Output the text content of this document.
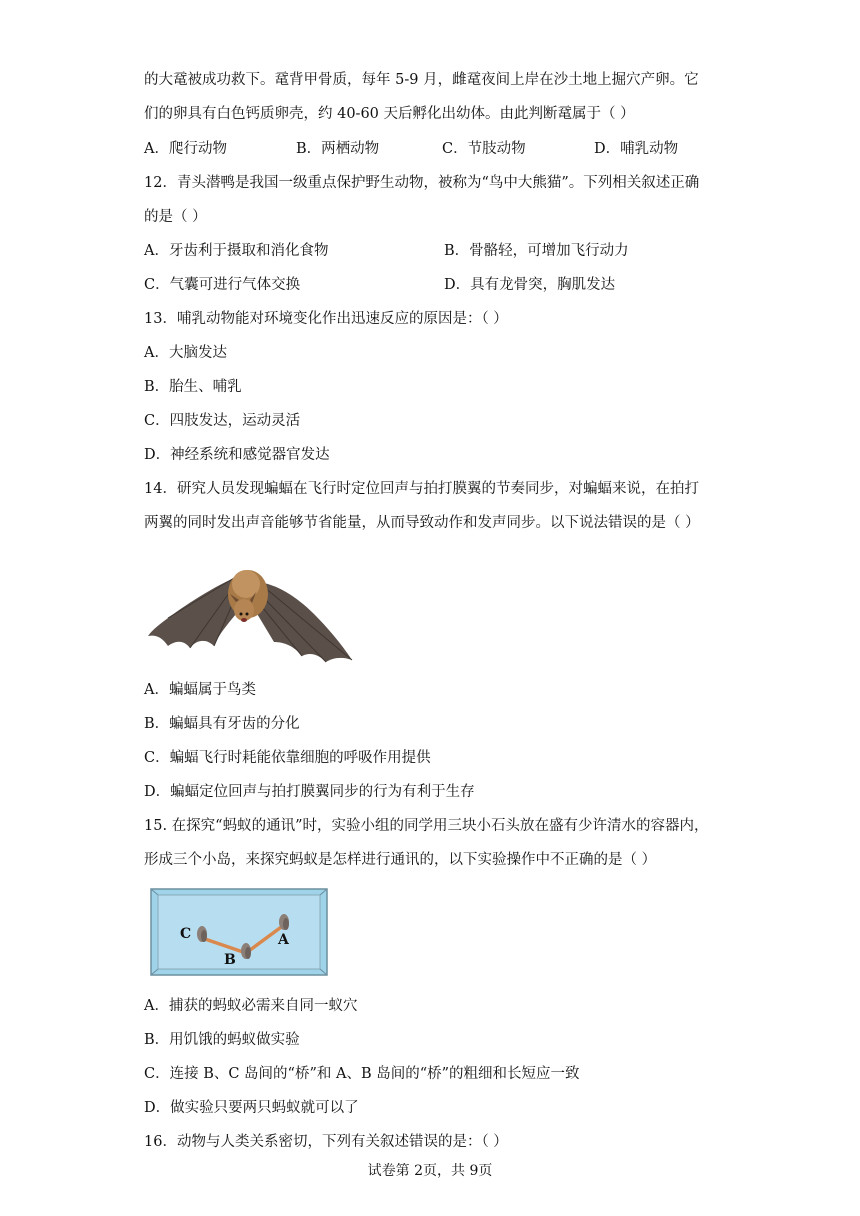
的大鼋被成功救下。鼋背甲骨质，每年 5-9 月，雌鼋夜间上岸在沙土地上掘穴产卵。它
们的卵具有白色钙质卵壳，约 40-60 天后孵化出幼体。由此判断鼋属于（ ）
A．爬行动物	B．两栖动物	C．节肢动物	D．哺乳动物
12．青头潜鸭是我国一级重点保护野生动物，被称为“鸟中大熊猫”。下列相关叙述正确
的是（ ）
A．牙齿利于摄取和消化食物	B．骨骼轻，可增加飞行动力
C．气囊可进行气体交换	D．具有龙骨突，胸肌发达
13．哺乳动物能对环境变化作出迅速反应的原因是：（ ）
A．大脑发达
B．胎生、哺乳
C．四肢发达，运动灵活
D．神经系统和感觉器官发达
14．研究人员发现蝙蝠在飞行时定位回声与拍打膜翼的节奏同步，对蝙蝠来说，在拍打
两翼的同时发出声音能够节省能量，从而导致动作和发声同步。以下说法错误的是（ ）
A．蝙蝠属于鸟类
B．蝙蝠具有牙齿的分化
C．蝙蝠飞行时耗能依靠细胞的呼吸作用提供
D．蝙蝠定位回声与拍打膜翼同步的行为有利于生存
15. 在探究“蚂蚁的通讯”时，实验小组的同学用三块小石头放在盛有少许清水的容器内，
形成三个小岛，来探究蚂蚁是怎样进行通讯的，以下实验操作中不正确的是（ ）
C
B
A
A．捕获的蚂蚁必需来自同一蚁穴
B．用饥饿的蚂蚁做实验
C．连接 B、C 岛间的“桥”和 A、B 岛间的“桥”的粗细和长短应一致
D．做实验只要两只蚂蚁就可以了
16．动物与人类关系密切，下列有关叙述错误的是：（ ）
试卷第 2页，共 9页
